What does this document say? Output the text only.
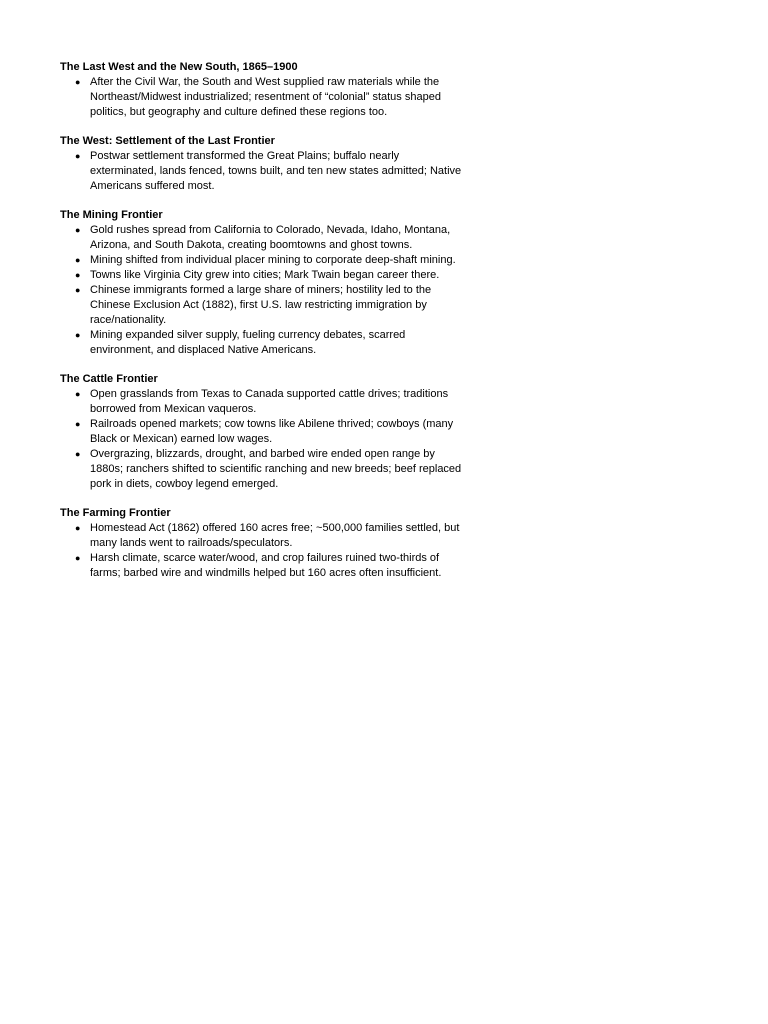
The Last West and the New South, 1865–1900

● After the Civil War, the South and West supplied raw materials while the Northeast/Midwest industrialized; resentment of “colonial” status shaped politics, but geography and culture defined these regions too.

The West: Settlement of the Last Frontier

● Postwar settlement transformed the Great Plains; buffalo nearly exterminated, lands fenced, towns built, and ten new states admitted; Native Americans suffered most.

The Mining Frontier

● Gold rushes spread from California to Colorado, Nevada, Idaho, Montana, Arizona, and South Dakota, creating boomtowns and ghost towns.
● Mining shifted from individual placer mining to corporate deep-shaft mining.
● Towns like Virginia City grew into cities; Mark Twain began career there.
● Chinese immigrants formed a large share of miners; hostility led to the Chinese Exclusion Act (1882), first U.S. law restricting immigration by race/nationality.
● Mining expanded silver supply, fueling currency debates, scarred environment, and displaced Native Americans.

The Cattle Frontier

● Open grasslands from Texas to Canada supported cattle drives; traditions borrowed from Mexican vaqueros.
● Railroads opened markets; cow towns like Abilene thrived; cowboys (many Black or Mexican) earned low wages.
● Overgrazing, blizzards, drought, and barbed wire ended open range by 1880s; ranchers shifted to scientific ranching and new breeds; beef replaced pork in diets, cowboy legend emerged.

The Farming Frontier

● Homestead Act (1862) offered 160 acres free; ~500,000 families settled, but many lands went to railroads/speculators.
● Harsh climate, scarce water/wood, and crop failures ruined two-thirds of farms; barbed wire and windmills helped but 160 acres often insufficient.
